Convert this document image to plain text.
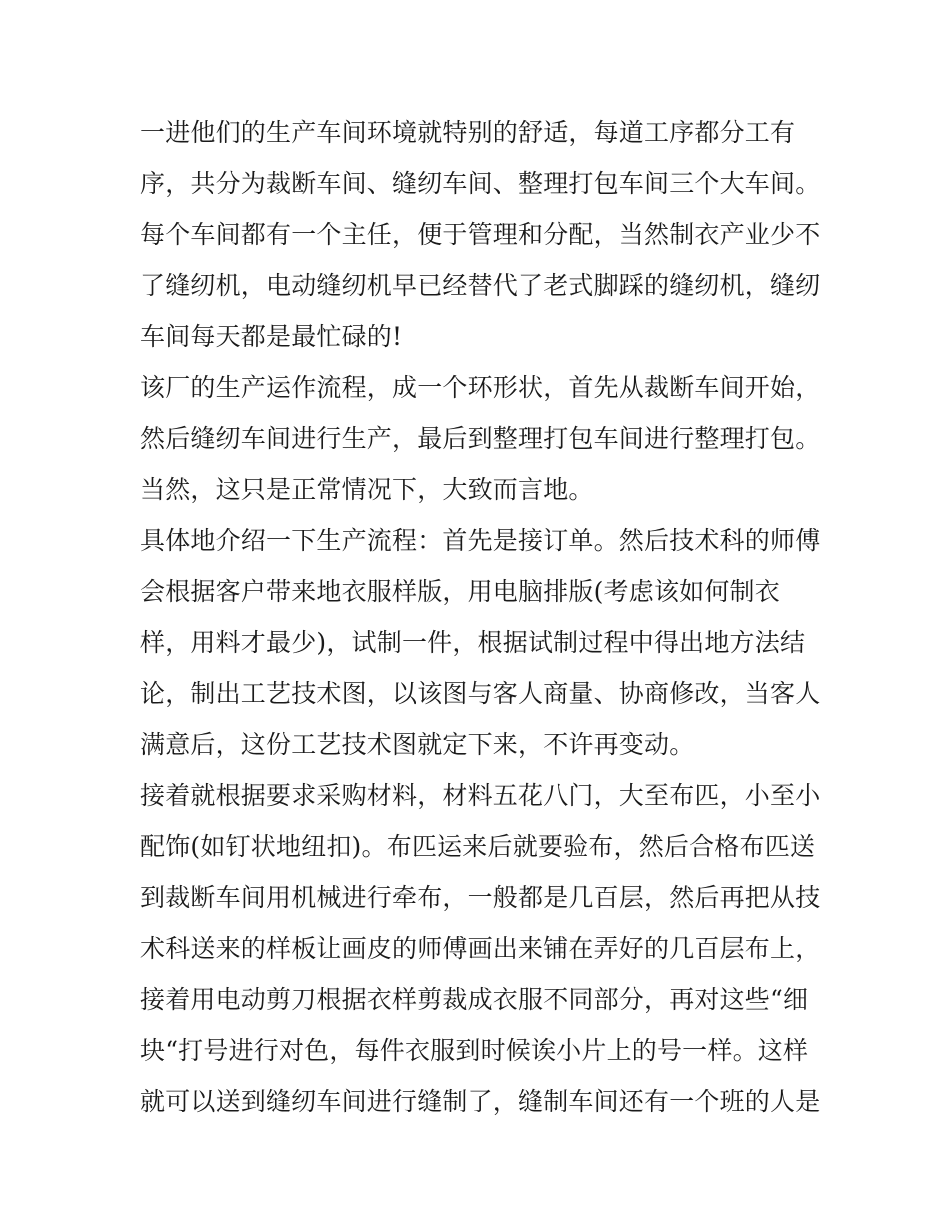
一进他们的生产车间环境就特别的舒适，每道工序都分工有
序，共分为裁断车间、缝纫车间、整理打包车间三个大车间。
每个车间都有一个主任，便于管理和分配，当然制衣产业少不
了缝纫机，电动缝纫机早已经替代了老式脚踩的缝纫机，缝纫
车间每天都是最忙碌的!
该厂的生产运作流程，成一个环形状，首先从裁断车间开始，
然后缝纫车间进行生产，最后到整理打包车间进行整理打包。
当然，这只是正常情况下，大致而言地。
具体地介绍一下生产流程：首先是接订单。然后技术科的师傅
会根据客户带来地衣服样版，用电脑排版(考虑该如何制衣
样，用料才最少)，试制一件，根据试制过程中得出地方法结
论，制出工艺技术图，以该图与客人商量、协商修改，当客人
满意后，这份工艺技术图就定下来，不许再变动。
接着就根据要求采购材料，材料五花八门，大至布匹，小至小
配饰(如钉状地纽扣)。布匹运来后就要验布，然后合格布匹送
到裁断车间用机械进行牵布，一般都是几百层，然后再把从技
术科送来的样板让画皮的师傅画出来铺在弄好的几百层布上，
接着用电动剪刀根据衣样剪裁成衣服不同部分，再对这些“细
块“打号进行对色，每件衣服到时候诶小片上的号一样。这样
就可以送到缝纫车间进行缝制了，缝制车间还有一个班的人是
